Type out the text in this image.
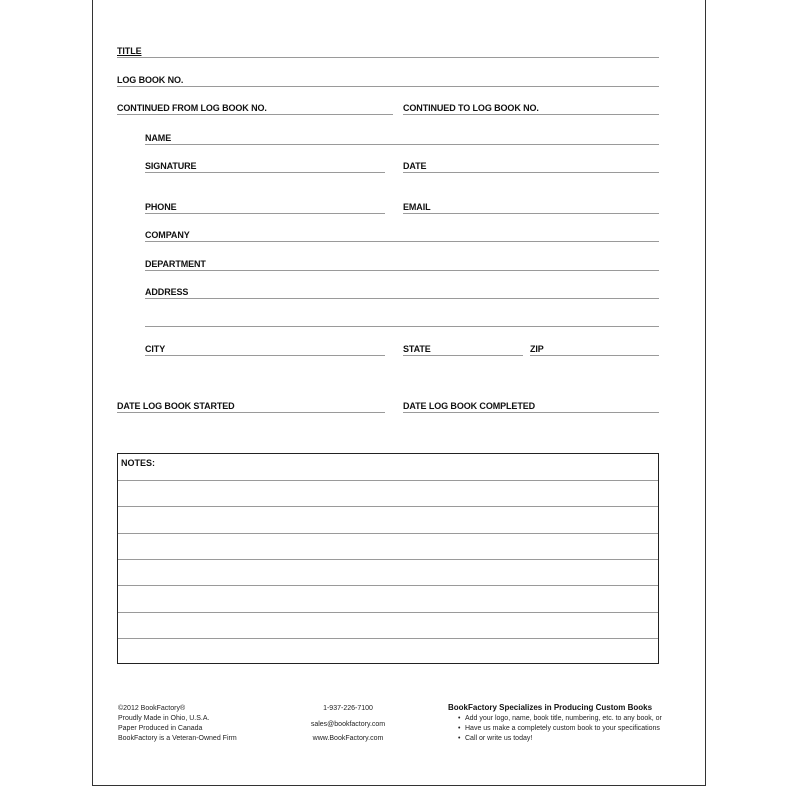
TITLE
LOG BOOK NO.
CONTINUED FROM LOG BOOK NO.	CONTINUED TO LOG BOOK NO.
NAME
SIGNATURE	DATE
PHONE	EMAIL
COMPANY
DEPARTMENT
ADDRESS
CITY	STATE	ZIP
DATE LOG BOOK STARTED	DATE LOG BOOK COMPLETED
NOTES:
©2012 BookFactory®
Proudly Made in Ohio, U.S.A.
Paper Produced in Canada
BookFactory is a Veteran-Owned Firm
1-937-226-7100
sales@bookfactory.com
www.BookFactory.com
BookFactory Specializes in Producing Custom Books
• Add your logo, name, book title, numbering, etc. to any book, or
• Have us make a completely custom book to your specifications
• Call or write us today!
